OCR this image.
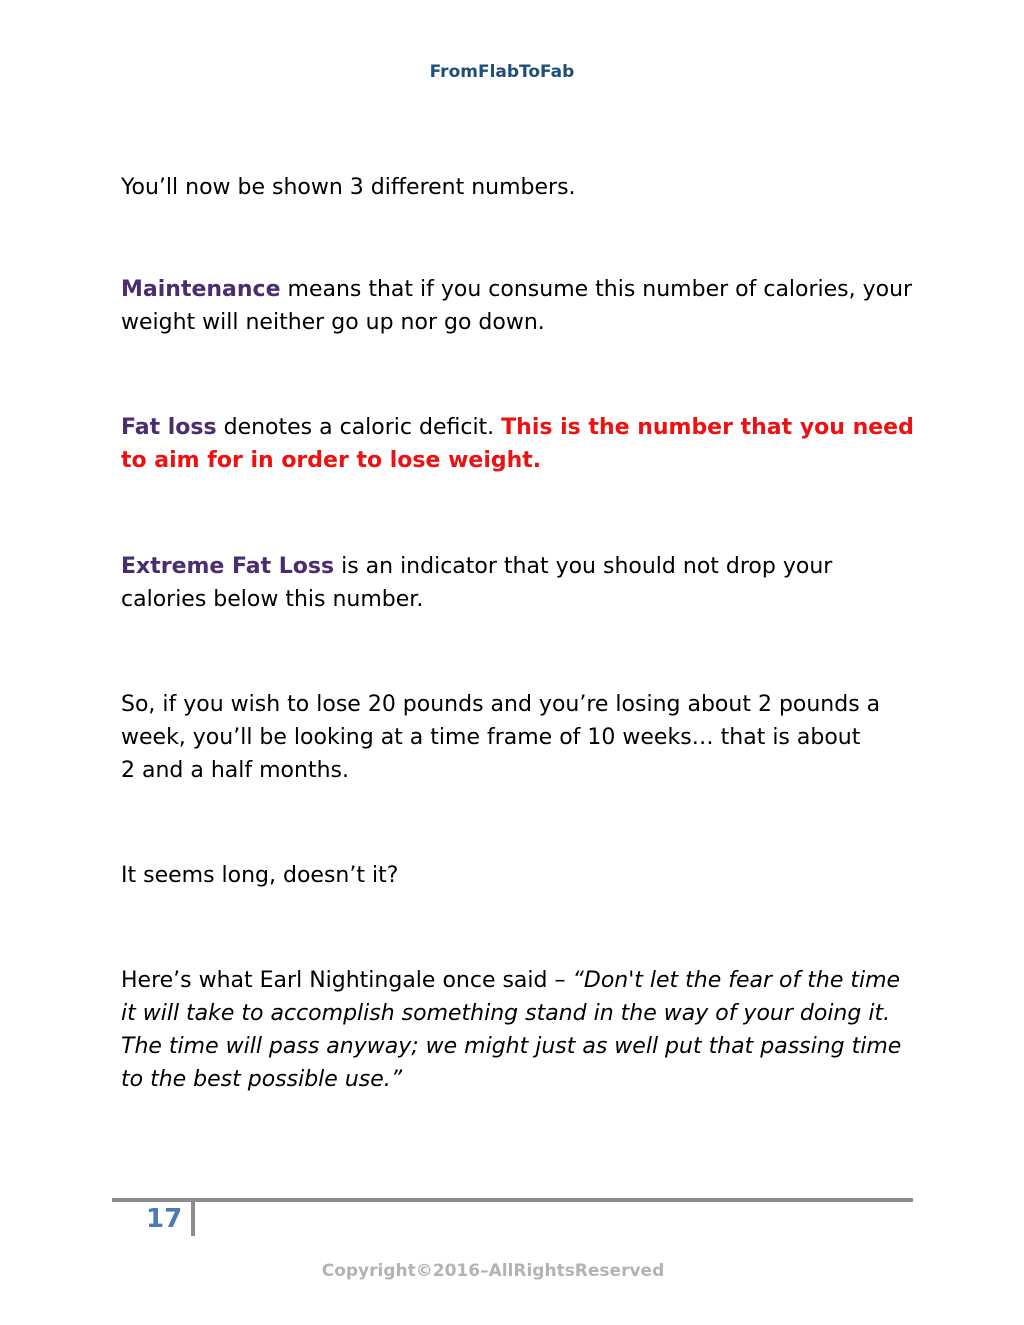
FromFlabToFab

You’ll now be shown 3 different numbers.

Maintenance means that if you consume this number of calories, your weight will neither go up nor go down.

Fat loss denotes a caloric deficit. This is the number that you need to aim for in order to lose weight.

Extreme Fat Loss is an indicator that you should not drop your calories below this number.

So, if you wish to lose 20 pounds and you’re losing about 2 pounds a week, you’ll be looking at a time frame of 10 weeks… that is about 2 and a half months.

It seems long, doesn’t it?

Here’s what Earl Nightingale once said – “Don't let the fear of the time it will take to accomplish something stand in the way of your doing it. The time will pass anyway; we might just as well put that passing time to the best possible use.”

17
Copyright©2016–AllRightsReserved
